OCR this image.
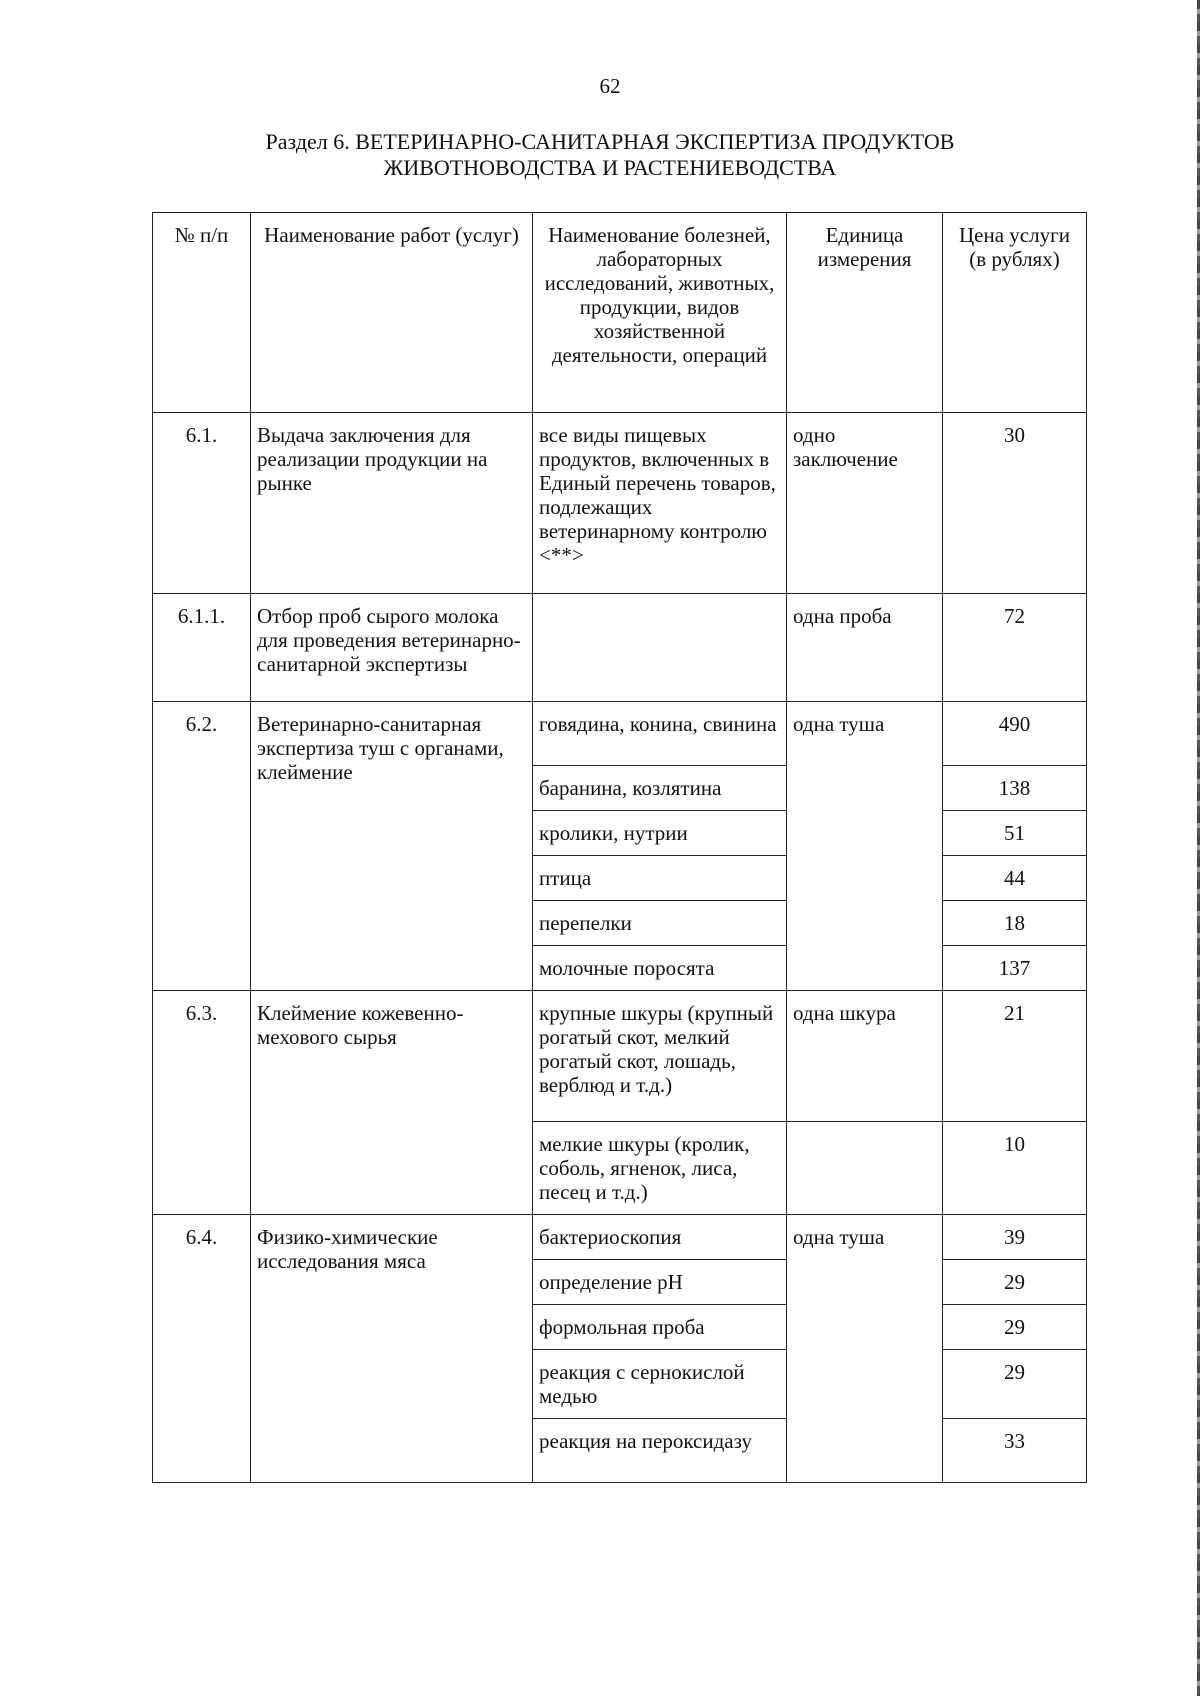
62
Раздел 6. ВЕТЕРИНАРНО-САНИТАРНАЯ ЭКСПЕРТИЗА ПРОДУКТОВ
ЖИВОТНОВОДСТВА И РАСТЕНИЕВОДСТВА
№ п/п	Наименование работ (услуг)	Наименование болезней, лабораторных исследований, животных, продукции, видов хозяйственной деятельности, операций	Единица измерения	Цена услуги (в рублях)
6.1.	Выдача заключения для реализации продукции на рынке	все виды пищевых продуктов, включенных в Единый перечень товаров, подлежащих ветеринарному контролю <**>	одно заключение	30
6.1.1.	Отбор проб сырого молока для проведения ветеринарно-санитарной экспертизы		одна проба	72
6.2.	Ветеринарно-санитарная экспертиза туш с органами, клеймение	говядина, конина, свинина	одна туша	490
		баранина, козлятина		138
		кролики, нутрии		51
		птица		44
		перепелки		18
		молочные поросята		137
6.3.	Клеймение кожевенно-мехового сырья	крупные шкуры (крупный рогатый скот, мелкий рогатый скот, лошадь, верблюд и т.д.)	одна шкура	21
		мелкие шкуры (кролик, соболь, ягненок, лиса, песец и т.д.)		10
6.4.	Физико-химические исследования мяса	бактериоскопия	одна туша	39
		определение pH		29
		формольная проба		29
		реакция с сернокислой медью		29
		реакция на пероксидазу		33
